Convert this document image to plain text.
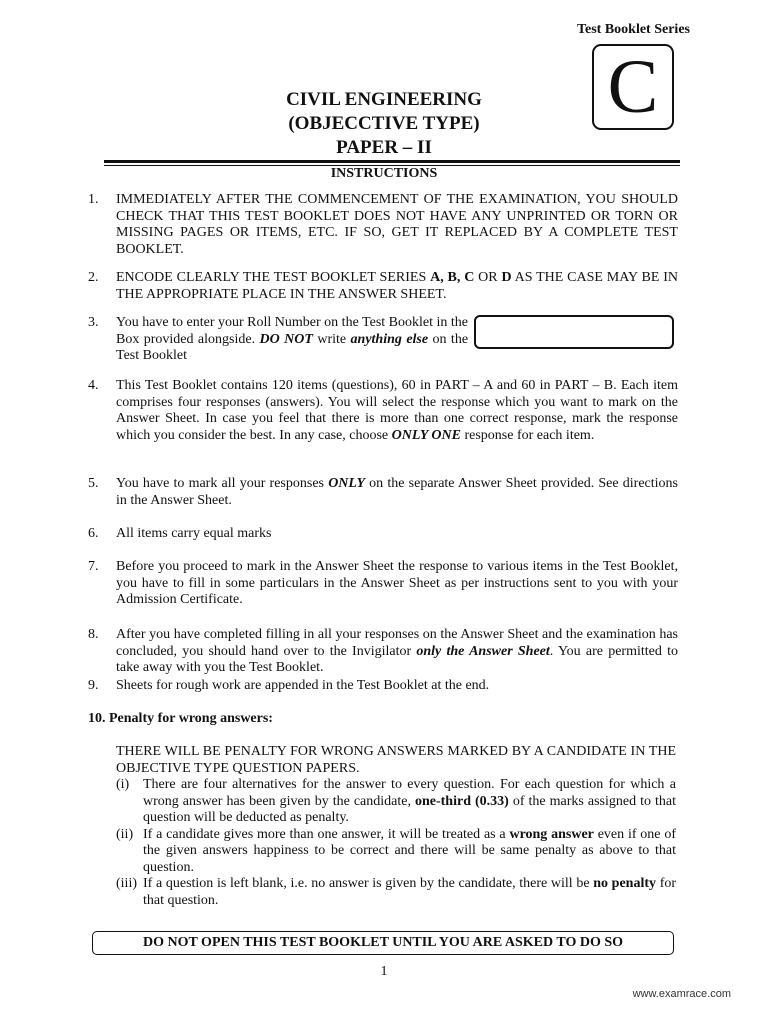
Test Booklet Series
C
CIVIL ENGINEERING
(OBJECCTIVE TYPE)
PAPER – II
INSTRUCTIONS
1.	IMMEDIATELY AFTER THE COMMENCEMENT OF THE EXAMINATION, YOU SHOULD CHECK THAT THIS TEST BOOKLET DOES NOT HAVE ANY UNPRINTED OR TORN OR MISSING PAGES OR ITEMS, ETC. IF SO, GET IT REPLACED BY A COMPLETE TEST BOOKLET.
2.	ENCODE CLEARLY THE TEST BOOKLET SERIES A, B, C OR D AS THE CASE MAY BE IN THE APPROPRIATE PLACE IN THE ANSWER SHEET.
3.	You have to enter your Roll Number on the Test Booklet in the Box provided alongside. DO NOT write anything else on the Test Booklet
4.	This Test Booklet contains 120 items (questions), 60 in PART – A and 60 in PART – B. Each item comprises four responses (answers). You will select the response which you want to mark on the Answer Sheet. In case you feel that there is more than one correct response, mark the response which you consider the best. In any case, choose ONLY ONE response for each item.
5.	You have to mark all your responses ONLY on the separate Answer Sheet provided. See directions in the Answer Sheet.
6.	All items carry equal marks
7.	Before you proceed to mark in the Answer Sheet the response to various items in the Test Booklet, you have to fill in some particulars in the Answer Sheet as per instructions sent to you with your Admission Certificate.
8.	After you have completed filling in all your responses on the Answer Sheet and the examination has concluded, you should hand over to the Invigilator only the Answer Sheet. You are permitted to take away with you the Test Booklet.
9.	Sheets for rough work are appended in the Test Booklet at the end.
10. Penalty for wrong answers:
THERE WILL BE PENALTY FOR WRONG ANSWERS MARKED BY A CANDIDATE IN THE OBJECTIVE TYPE QUESTION PAPERS.
(i) There are four alternatives for the answer to every question. For each question for which a wrong answer has been given by the candidate, one-third (0.33) of the marks assigned to that question will be deducted as penalty.
(ii) If a candidate gives more than one answer, it will be treated as a wrong answer even if one of the given answers happiness to be correct and there will be same penalty as above to that question.
(iii) If a question is left blank, i.e. no answer is given by the candidate, there will be no penalty for that question.
DO NOT OPEN THIS TEST BOOKLET UNTIL YOU ARE ASKED TO DO SO
1
www.examrace.com
